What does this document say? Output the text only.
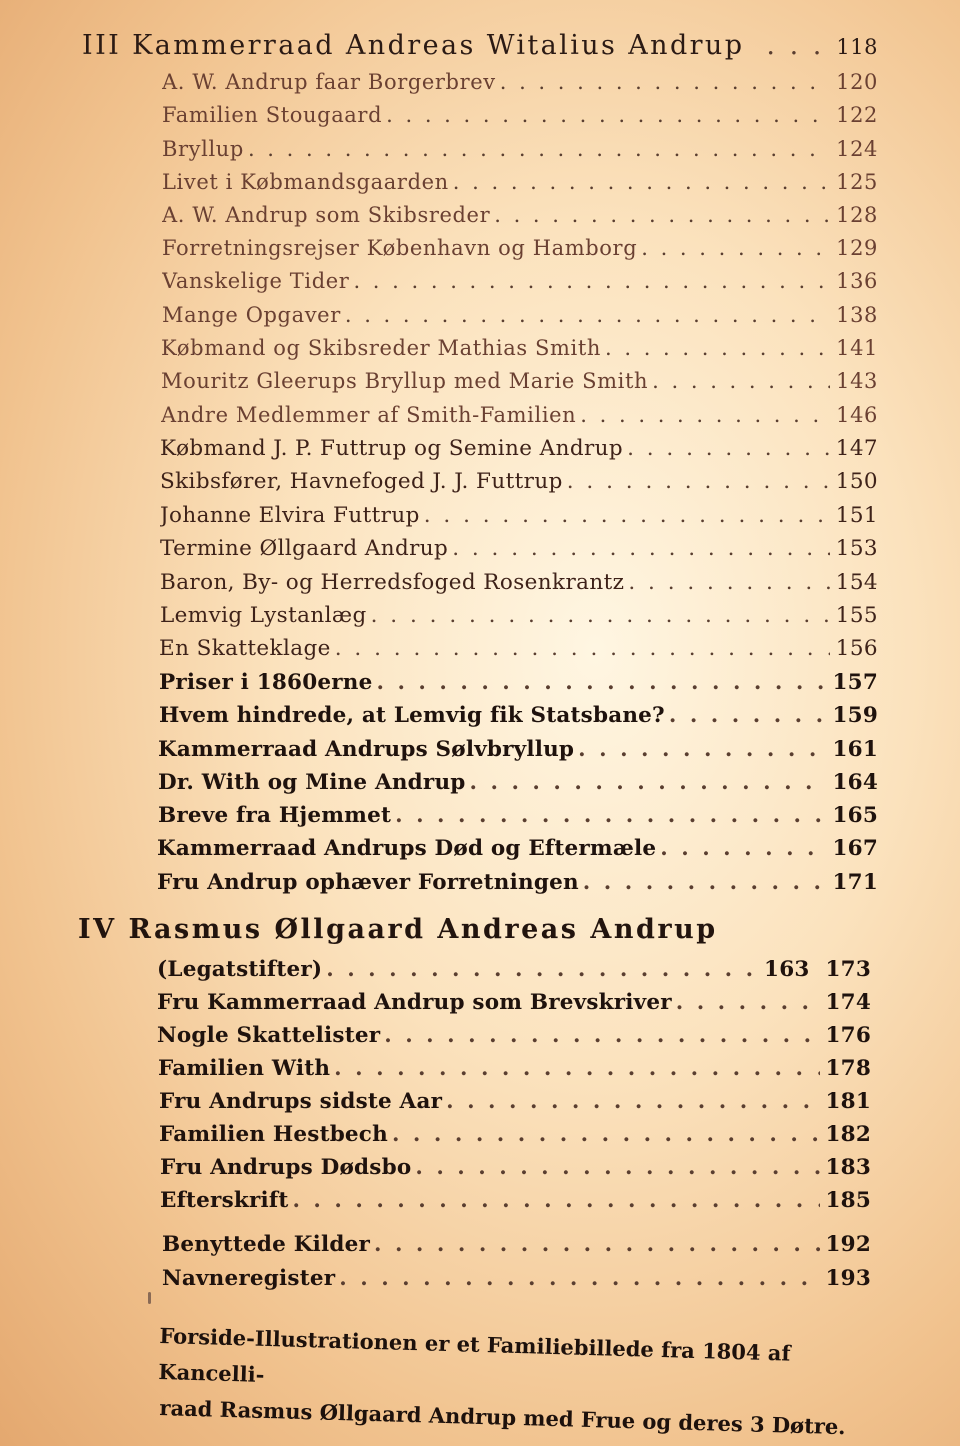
III Kammerraad Andreas Witalius Andrup . . .	118
A. W. Andrup faar Borgerbrev . . .	120
Familien Stougaard . . .	122
Bryllup . . .	124
Livet i Købmandsgaarden . . .	125
A. W. Andrup som Skibsreder . . .	128
Forretningsrejser København og Hamborg . . .	129
Vanskelige Tider . . .	136
Mange Opgaver . . .	138
Købmand og Skibsreder Mathias Smith . . .	141
Mouritz Gleerups Bryllup med Marie Smith . . .	143
Andre Medlemmer af Smith-Familien . . .	146
Købmand J. P. Futtrup og Semine Andrup . . .	147
Skibsfører, Havnefoged J. J. Futtrup . . .	150
Johanne Elvira Futtrup . . .	151
Termine Øllgaard Andrup . . .	153
Baron, By- og Herredsfoged Rosenkrantz . . .	154
Lemvig Lystanlæg . . .	155
En Skatteklage . . .	156
Priser i 1860erne . . .	157
Hvem hindrede, at Lemvig fik Statsbane? . . .	159
Kammerraad Andrups Sølvbryllup . . .	161
Dr. With og Mine Andrup . . .	164
Breve fra Hjemmet . . .	165
Kammerraad Andrups Død og Eftermæle . . .	167
Fru Andrup ophæver Forretningen . . .	171
IV Rasmus Øllgaard Andreas Andrup
(Legatstifter) . . .	163 173
Fru Kammerraad Andrup som Brevskriver . . .	174
Nogle Skattelister . . .	176
Familien With . . .	178
Fru Andrups sidste Aar . . .	181
Familien Hestbech . . .	182
Fru Andrups Dødsbo . . .	183
Efterskrift . . .	185
Benyttede Kilder . . .	192
Navneregister . . .	193
Forside-Illustrationen er et Familiebillede fra 1804 af Kancelli-
raad Rasmus Øllgaard Andrup med Frue og deres 3 Døtre.
